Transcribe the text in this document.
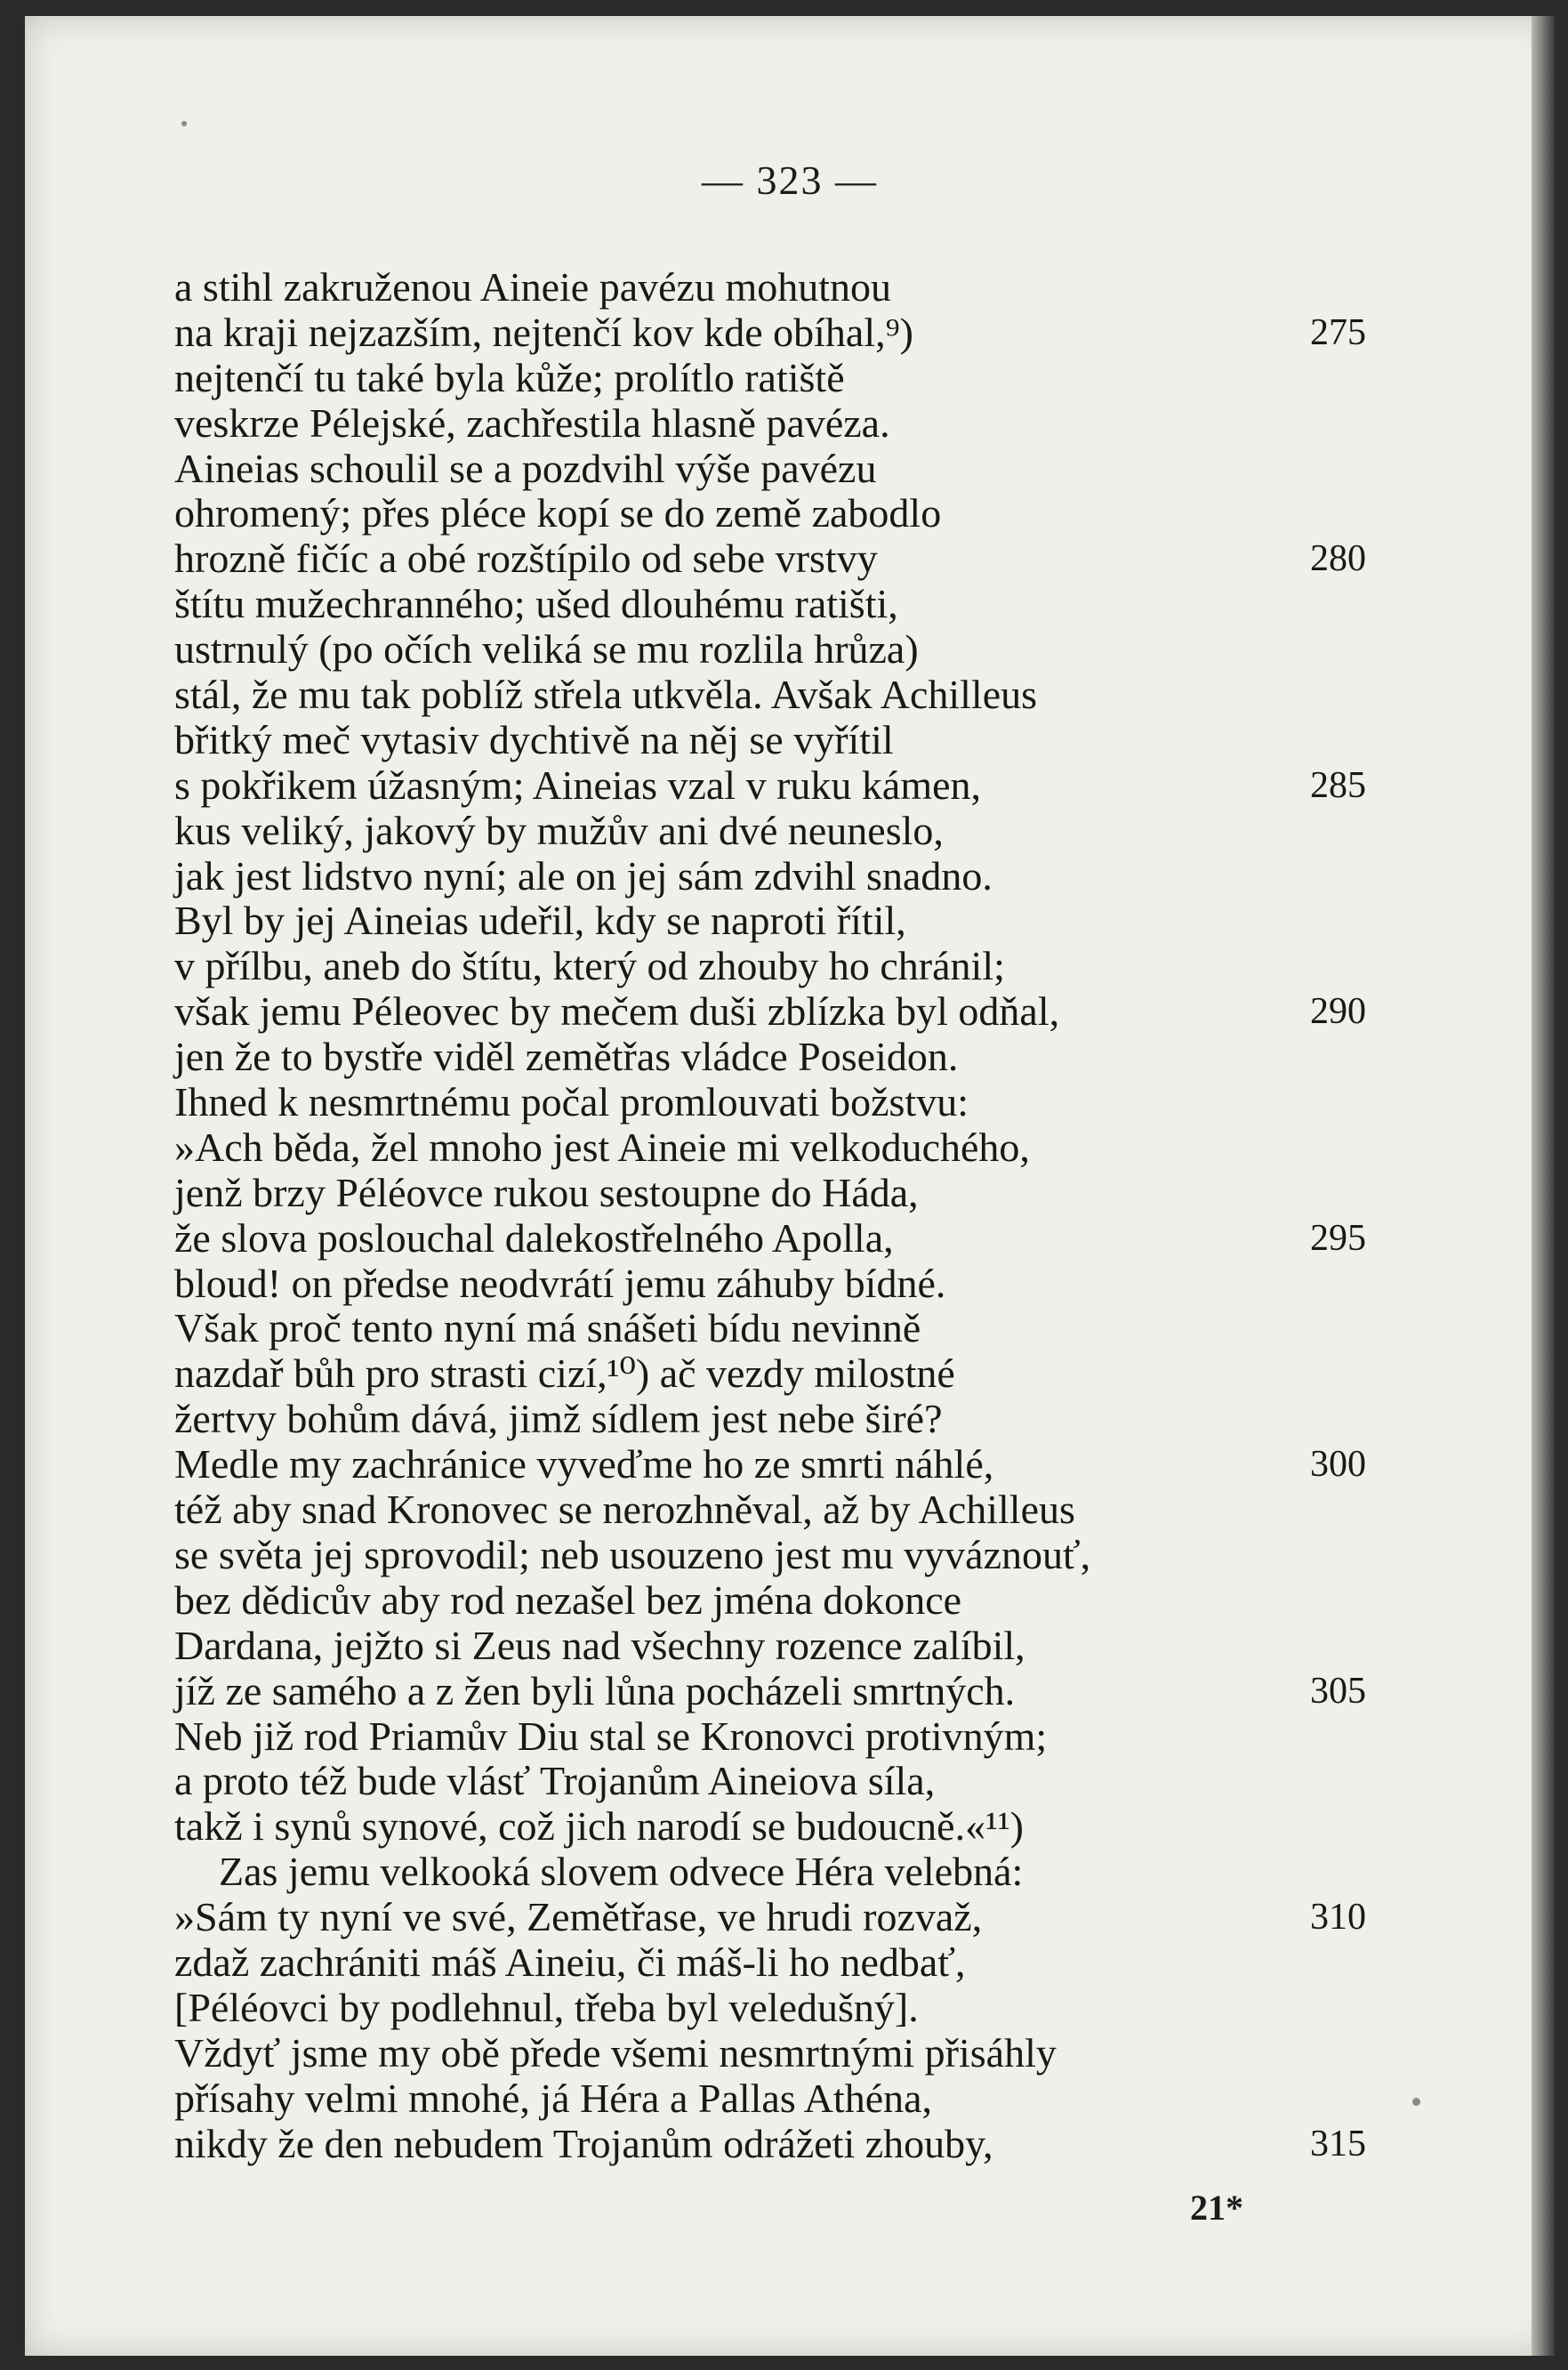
— 323 —
a stihl zakruženou Aineie pavézu mohutnou
na kraji nejzazším, nejtenčí kov kde obíhal,⁹)	275
nejtenčí tu také byla kůže; prolítlo ratiště
veskrze Pélejské, zachřestila hlasně pavéza.
Aineias schoulil se a pozdvihl výše pavézu
ohromený; přes pléce kopí se do země zabodlo
hrozně fičíc a obé rozštípilo od sebe vrstvy	280
štítu mužechranného; ušed dlouhému ratišti,
ustrnulý (po očích veliká se mu rozlila hrůza)
stál, že mu tak poblíž střela utkvěla. Avšak Achilleus
břitký meč vytasiv dychtivě na něj se vyřítil
s pokřikem úžasným; Aineias vzal v ruku kámen,	285
kus veliký, jakový by mužův ani dvé neuneslo,
jak jest lidstvo nyní; ale on jej sám zdvihl snadno.
Byl by jej Aineias udeřil, kdy se naproti řítil,
v přílbu, aneb do štítu, který od zhouby ho chránil;
však jemu Péleovec by mečem duši zblízka byl odňal,	290
jen že to bystře viděl zemětřas vládce Poseidon.
Ihned k nesmrtnému počal promlouvati božstvu:
»Ach běda, žel mnoho jest Aineie mi velkoduchého,
jenž brzy Péléovce rukou sestoupne do Háda,
že slova poslouchal dalekostřelného Apolla,	295
bloud! on předse neodvrátí jemu záhuby bídné.
Však proč tento nyní má snášeti bídu nevinně
nazdař bůh pro strasti cizí,¹⁰) ač vezdy milostné
žertvy bohům dává, jimž sídlem jest nebe širé?
Medle my zachránice vyveďme ho ze smrti náhlé,	300
též aby snad Kronovec se nerozhněval, až by Achilleus
se světa jej sprovodil; neb usouzeno jest mu vyváznouť,
bez dědicův aby rod nezašel bez jména dokonce
Dardana, jejžto si Zeus nad všechny rozence zalíbil,
jíž ze samého a z žen byli lůna pocházeli smrtných.	305
Neb již rod Priamův Diu stal se Kronovci protivným;
a proto též bude vlásť Trojanům Aineiova síla,
takž i synů synové, což jich narodí se budoucně.«¹¹)
Zas jemu velkooká slovem odvece Héra velebná:
»Sám ty nyní ve své, Zemětřase, ve hrudi rozvaž,	310
zdaž zachrániti máš Aineiu, či máš-li ho nedbať,
[Péléovci by podlehnul, třeba byl veledušný].
Vždyť jsme my obě přede všemi nesmrtnými přisáhly
přísahy velmi mnohé, já Héra a Pallas Athéna,
nikdy že den nebudem Trojanům odrážeti zhouby,	315
21*
